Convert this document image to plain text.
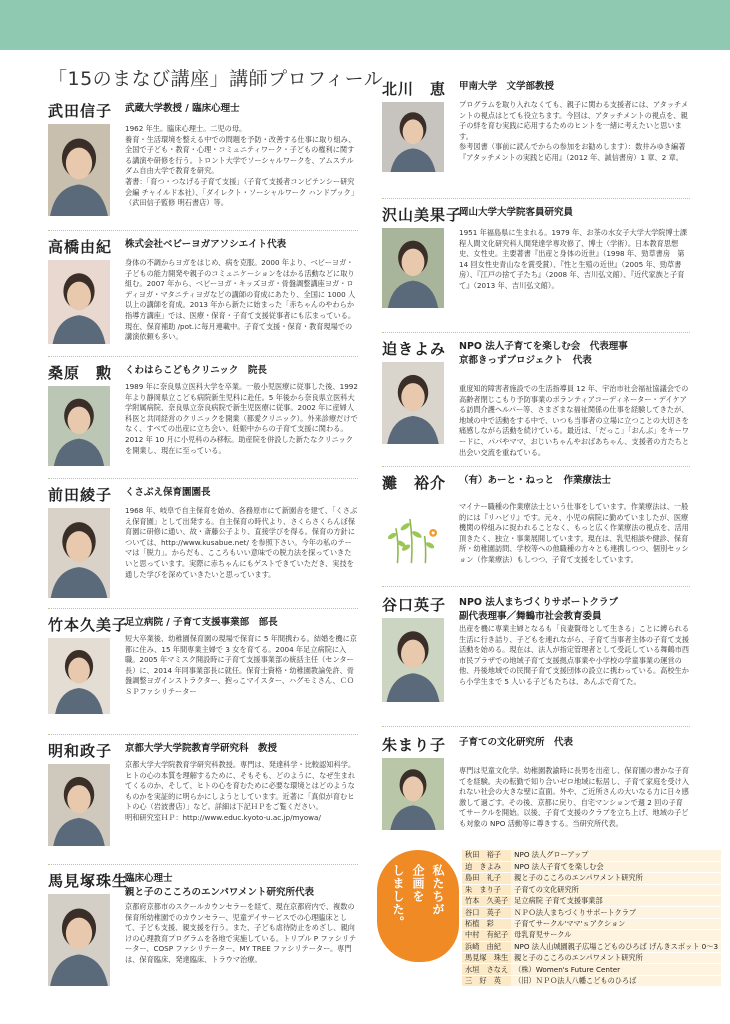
「15のまなび講座」講師プロフィール
武田信子 武蔵大学教授 / 臨床心理士
1962 年生。臨床心理士。二児の母。
養育・生活環境を整える中での問題を予防・改善する仕事に取り組み、全国で子ども・教育・心理・コミュニティワーク・子どもの権利に関する講演や研修を行う。トロント大学でソーシャルワークを、アムステルダム自由大学で教育を研究。
著書：「育つ・つなげる子育て支援」（子育て支援者コンピテンシー研究会編 チャイルド本社）、「ダイレクト・ソーシャルワーク ハンドブック」（武田信子監修 明石書店）等。
高橋由紀 株式会社ベビーヨガアソシエイト代表
身体の不調からヨガをはじめ、病を克服。2000 年より、ベビーヨガ・子どもの能力開発や親子のコミュニケーションをはかる活動などに取り組む。2007 年から、ベビーヨガ・キッズヨガ・骨盤調整講座ヨガ・ロディヨガ・マタニティヨガなどの講師の育成にあたり、全国に 1000 人以上の講師を育成。2013 年から新たに始まった「赤ちゃんのやわらか指導方講座」では、医療・保育・子育て支援従事者にも広まっている。現在、保育補助 /pot.に毎月連載中。子育て支援・保育・教育現場での講演依頼も多い。
桑原　勲 くわはらこどもクリニック　院長
1989 年に奈良県立医科大学を卒業。一般小児医療に従事した後、1992 年より静岡県立こども病院新生児科に赴任。5 年後から奈良県立医科大学附属病院、奈良県立奈良病院で新生児医療に従事。2002 年に産婦人科医と共同経営のクリニックを開業（都愛クリニック）。外来診療だけでなく、すべての出産に立ち会い、妊娠中からの子育て支援に関わる。2012 年 10 月に小児科のみ移転。助産院を併設した新たなクリニックを開業し、現在に至っている。
前田綾子 くさぶえ保育園園長
1968 年、岐阜で自主保育を始め、各務原市にて新園舎を建て、「くさぶえ保育園」として出発する。自主保育の時代より、さくらさくらんぼ保育園に研修に通い、故・斎藤公子より、直接学びを得る。保育の方針については、http://www.kusabue.net/ を参照下さい。今年の私のテーマは「脱力」。からだも、こころもいい意味での脱力法を探っていきたいと思っています。実際に赤ちゃんにもゲストできていただき、実技を通した学びを深めていきたいと思っています。
竹本久美子
足立病院 / 子育て支援事業部　部長
短大卒業後、幼稚園保育園の現場で保育に 5 年間携わる。結婚を機に京都に住み、15 年間専業主婦で 3 女を育てる。2004 年足立病院に入職。2005 年マミスク開設時に子育て支援事業部の統括主任（センター長）に、2014 年同事業部長に就任。保育士資格・幼稚園教論免許、骨盤調整ヨガインストラクター、抱っこマイスター、ハグモミさん、ＣＯＳＰファシリテーター
明和政子 京都大学大学院教育学研究科　教授
京都大学大学院教育学研究科教授。専門は、発達科学・比較認知科学。ヒトの心の本質を理解するために、そもそも、どのように、なぜ生まれてくるのか、そして、ヒトの心を育むために必要な環境とはどのようなものかを実証的に明らかにしようとしています。近著に「真似が育むヒトの心（岩波書店）」など。詳細は下記ＨＰをご覧ください。
明和研究室ＨＰ：http://www.educ.kyoto-u.ac.jp/myowa/
馬見塚珠生
臨床心理士
親と子のこころのエンパワメント研究所代表
京都府京都市のスクールカウンセラーを経て、現在京都府内で、複数の保育所幼稚園でのカウンセラー、児童デイサービスでの心理臨床として、子ども支援、親支援を行う。また、子ども虐待防止をめざし、親向けの心理教育プログラムを各地で実施している。トリプル P ファシリテーター、COSP ファシリテーター、MY TREE ファシリテーター。専門は、保育臨床、発達臨床、トラウマ治療。
北川　恵 甲南大学　文学部教授
プログラムを取り入れなくても、親子に関わる支援者には、アタッチメントの視点はとても役立ちます。今回は、アタッチメントの視点を、親子の絆を育む実践に応用するためのヒントを一緒に考えたいと思います。
参考図書（事前に読んでからの参加をお勧めします）：数井みゆき編著『アタッチメントの実践と応用』（2012 年、誠信書房）1 章、2 章。
沢山美果子
岡山大学大学院客員研究員
1951 年福島県に生まれる。1979 年、お茶の水女子大学大学院博士課程人間文化研究科人間発達学専攻修了、博士（学術）。日本教育思想史、女性史。主要著書『出産と身体の近世』（1998 年、勁草書房　第 14 回女性史青山なを賞受賞）、『性と生殖の近世』（2005 年、勁草書房）、『江戸の捨て子たち』（2008 年、吉川弘文館）、『近代家族と子育て』（2013 年、吉川弘文館）。
迫きよみ NPO 法人子育てを楽しむ会　代表理事
京都きっずプロジェクト　代表
重度知的障害者施設での生活指導員 12 年、宇治市社会福祉協議会での高齢者閉じこもり予防事業のボランティアコーディネーター・デイケアる訪問介護ヘルパー等、さまざまな福祉関係の仕事を経験してきたが、地域の中で活動をする中で、いつも当事者の立場に立つことの大切さを痛感しながら活動を続けている。最近は、「だっこ」「おんぶ」をキーワードに、パパやママ、おじいちゃんやおばあちゃん、支援者の方たちと出会い交流を重ねている。
灘　裕介 （有）あーと・ねっと　作業療法士
マイナー職種の作業療法士という仕事をしています。作業療法は、一般的には『リハビリ』です。元々、小児の病院に勤めていましたが、医療機関の枠組みに捉われることなく、もっと広く作業療法の視点を、活用頂きたく、独立・事業展開しています。現在は、乳児相談や健診、保育所・幼稚園訪問、学校等への他職種の方々とも連携しつつ、個別セッション（作業療法）もしつつ、子育て支援をしています。
谷口英子 NPO 法人まちづくりサポートクラブ
副代表理事／舞鶴市社会教育委員
出産を機に専業主婦となるも「良妻賢母として生きる」ことに縛られる生活に行き詰り、子どもを連れながら、子育て当事者主体の子育て支援活動を始める。現在は、法人が指定管理者として受託している舞鶴市西市民プラザでの地域子育て支援拠点事業や小学校の学童事業の運営の他、丹後地域での民間子育て支援団体の設立に携わっている。高校生から小学生まで 5 人いる子どもたちは、あんぷで育てた。
朱まり子 子育ての文化研究所　代表
専門は児童文化学。幼稚園教諭時に長男を出産し、保育園の書かな子育てを経験。夫の転勤で知り合いゼロ地域に転居し、子育て家庭を受け入れない社会の大きな壁に直面。外や、ご近所さんの大いなる力に日々感激して過ごす。その後、京都に戻り、自宅マンションで週 2 回の子育てサークルを開始。以後、子育て支援のクラブを立ち上げ、地域の子ども対象の NPO 活動等に尊きする。当研究所代表。
私たちが
企画を
しました。
秋田　裕子	NPO 法人グローアップ
迫　きよみ	NPO 法人子育てを楽しむ会
島田　礼子	親と子のこころのエンパワメント研究所
朱　まり子	子育ての文化研究所
竹本　久美子	足立病院 子育て支援事業部
谷口　英子	ＮＰＯ法人まちづくりサポートクラブ
柘植　彩	子育てサークル'ママ'ｓアクション
中村　有紀子	母乳育児サークル
浜崎　由紀	NPO 法人山城園親子広場こどものひろば げんきスポット 0～3
馬見塚　珠生	親と子のこころのエンパワメント研究所
水垣　さなえ	（株）Women's Future Center
三　好　英	（旧）ＮＰＯ法人八幡こどものひろば
